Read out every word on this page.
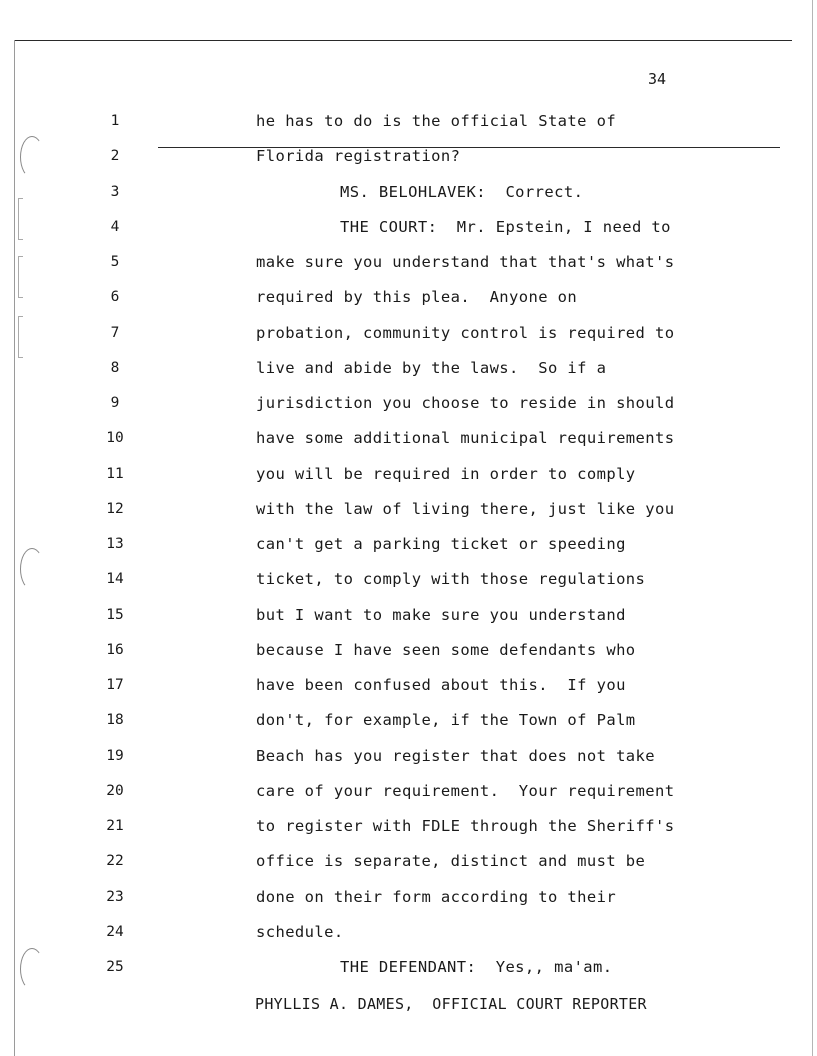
34
1	he has to do is the official State of
2	Florida registration?
3	MS. BELOHLAVEK:  Correct.
4	THE COURT:  Mr. Epstein, I need to
5	make sure you understand that that's what's
6	required by this plea.  Anyone on
7	probation, community control is required to
8	live and abide by the laws.  So if a
9	jurisdiction you choose to reside in should
10	have some additional municipal requirements
11	you will be required in order to comply
12	with the law of living there, just like you
13	can't get a parking ticket or speeding
14	ticket, to comply with those regulations
15	but I want to make sure you understand
16	because I have seen some defendants who
17	have been confused about this.  If you
18	don't, for example, if the Town of Palm
19	Beach has you register that does not take
20	care of your requirement.  Your requirement
21	to register with FDLE through the Sheriff's
22	office is separate, distinct and must be
23	done on their form according to their
24	schedule.
25	THE DEFENDANT:  Yes,, ma'am.
PHYLLIS A. DAMES,  OFFICIAL COURT REPORTER
